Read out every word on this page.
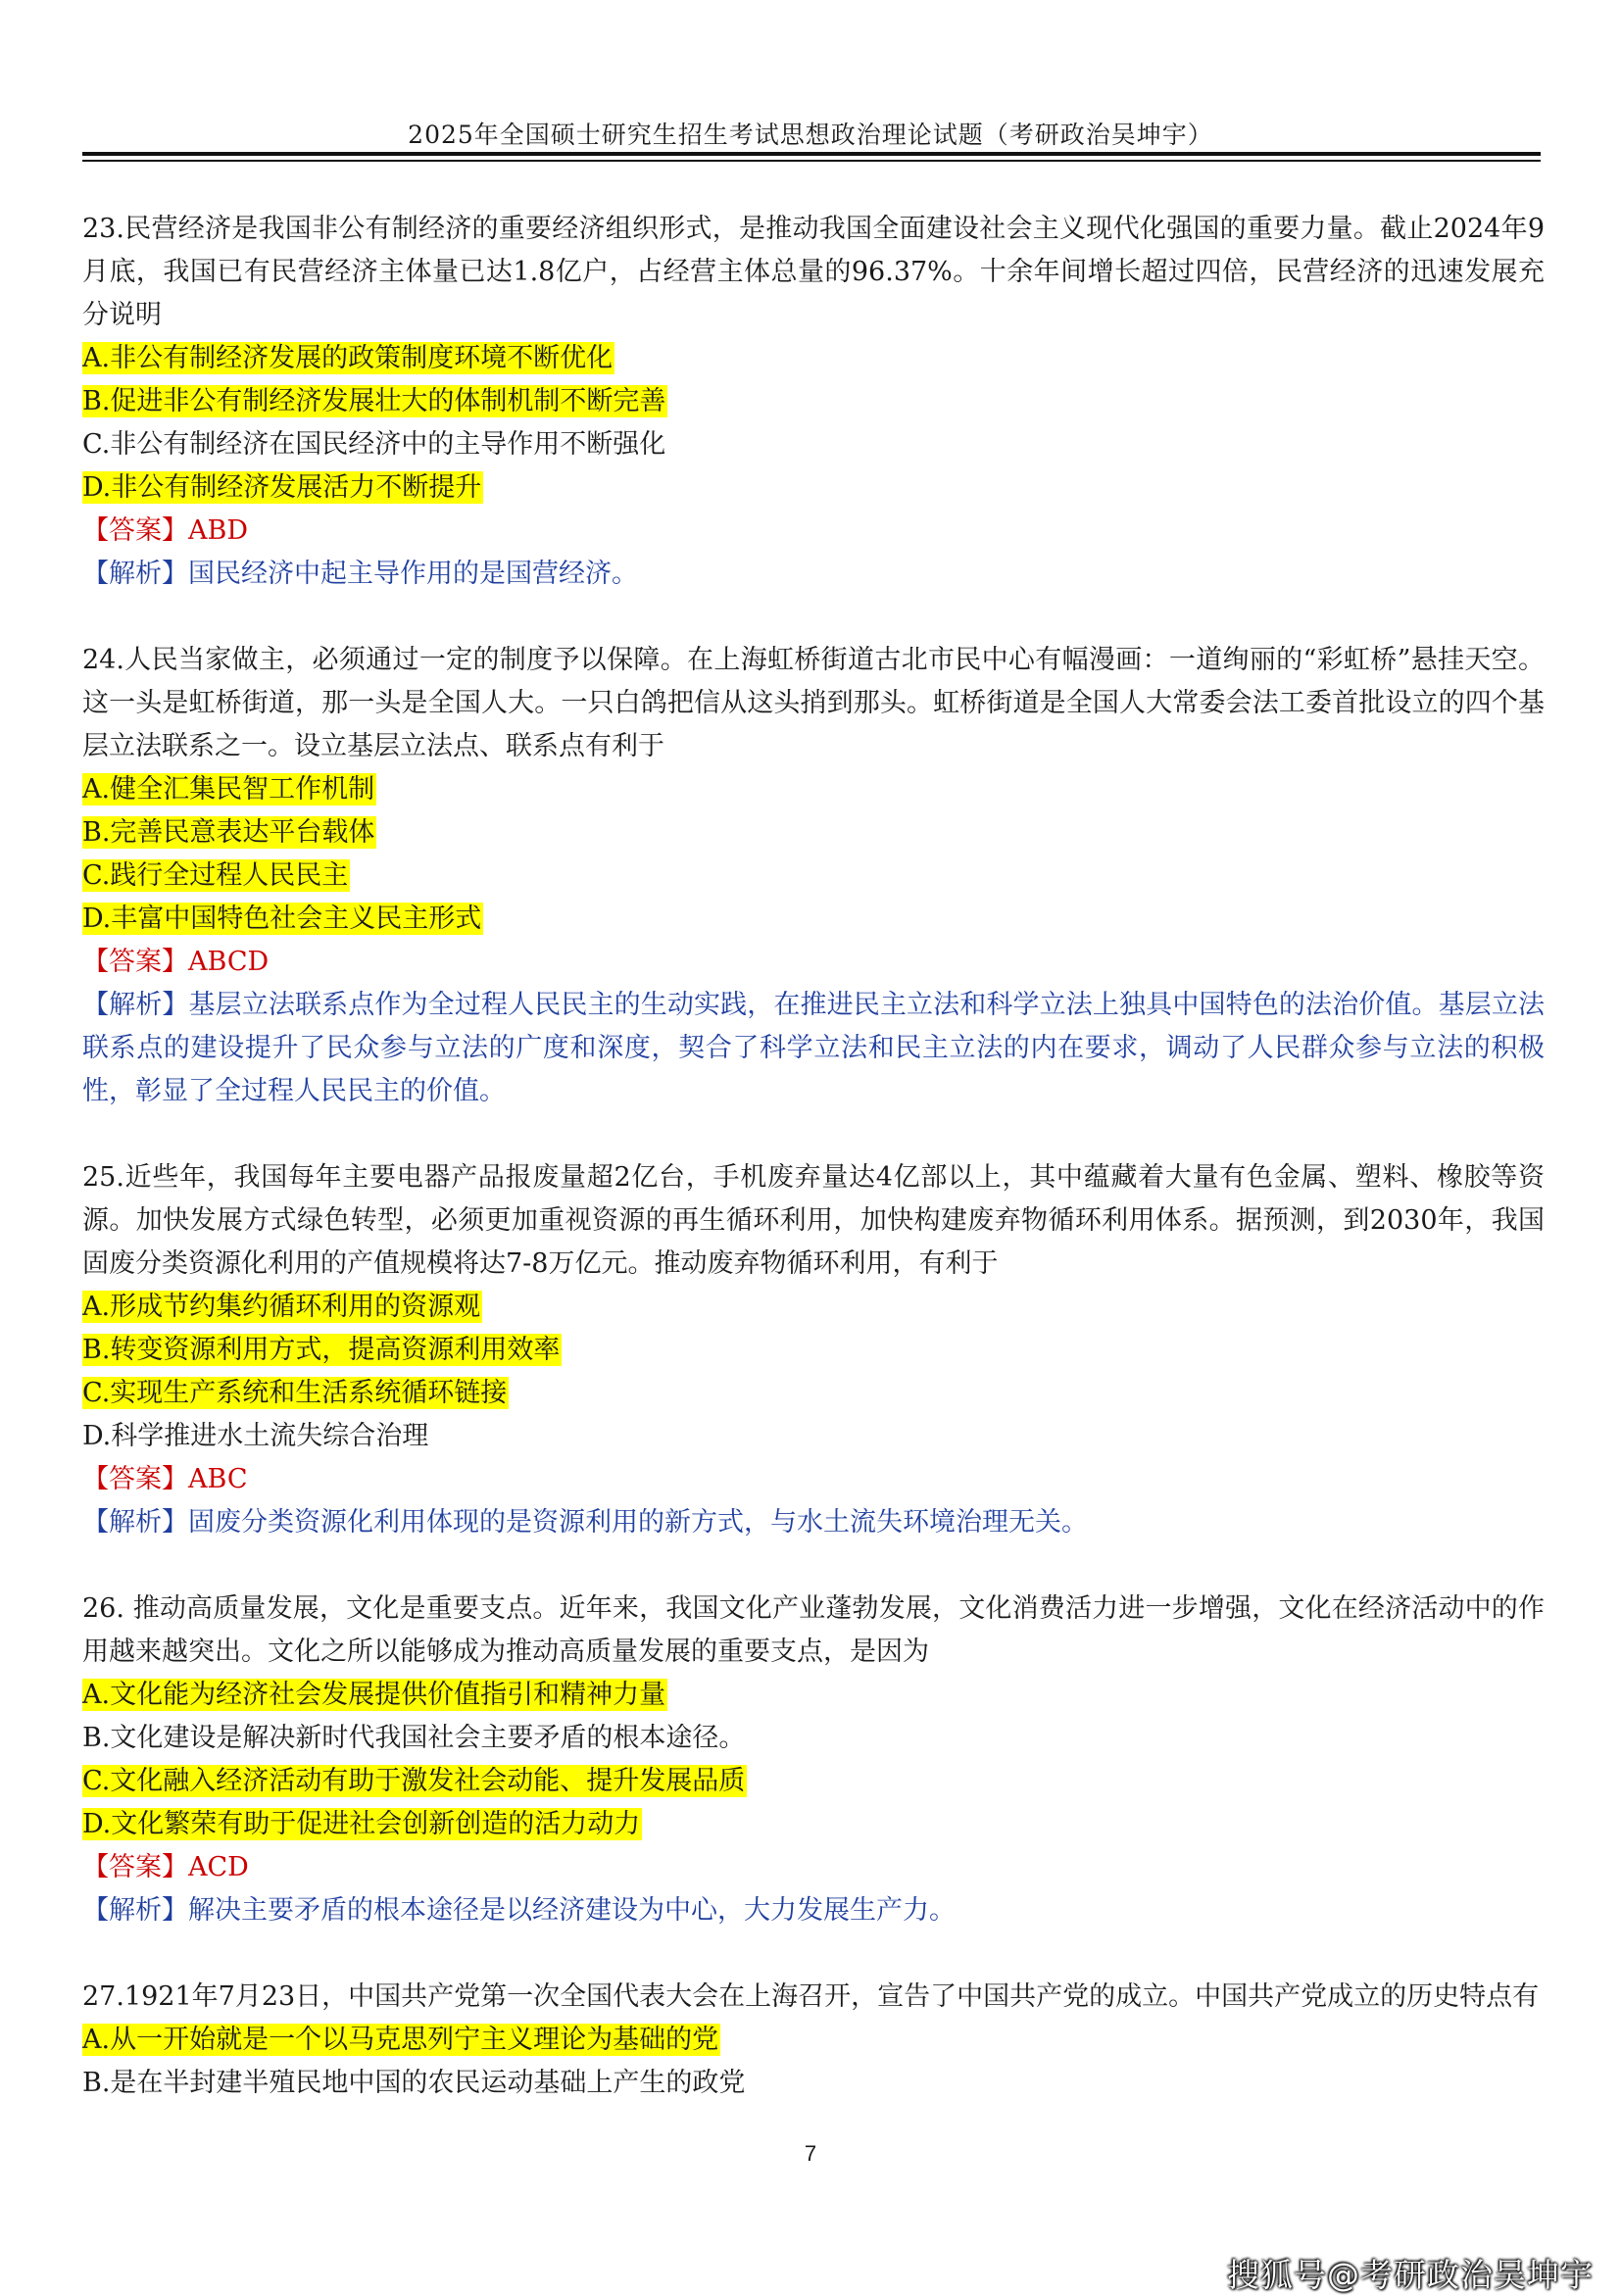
2025年全国硕士研究生招生考试思想政治理论试题（考研政治吴坤宇）
23.民营经济是我国非公有制经济的重要经济组织形式，是推动我国全面建设社会主义现代化强国的重要力量。截止2024年9月底，我国已有民营经济主体量已达1.8亿户，占经营主体总量的96.37%。十余年间增长超过四倍，民营经济的迅速发展充分说明
A.非公有制经济发展的政策制度环境不断优化
B.促进非公有制经济发展壮大的体制机制不断完善
C.非公有制经济在国民经济中的主导作用不断强化
D.非公有制经济发展活力不断提升
【答案】ABD
【解析】国民经济中起主导作用的是国营经济。
24.人民当家做主，必须通过一定的制度予以保障。在上海虹桥街道古北市民中心有幅漫画：一道绚丽的“彩虹桥”悬挂天空。这一头是虹桥街道，那一头是全国人大。一只白鸽把信从这头捎到那头。虹桥街道是全国人大常委会法工委首批设立的四个基层立法联系之一。设立基层立法点、联系点有利于
A.健全汇集民智工作机制
B.完善民意表达平台载体
C.践行全过程人民民主
D.丰富中国特色社会主义民主形式
【答案】ABCD
【解析】基层立法联系点作为全过程人民民主的生动实践，在推进民主立法和科学立法上独具中国特色的法治价值。基层立法联系点的建设提升了民众参与立法的广度和深度，契合了科学立法和民主立法的内在要求，调动了人民群众参与立法的积极性，彰显了全过程人民民主的价值。
25.近些年，我国每年主要电器产品报废量超2亿台，手机废弃量达4亿部以上，其中蕴藏着大量有色金属、塑料、橡胶等资源。加快发展方式绿色转型，必须更加重视资源的再生循环利用，加快构建废弃物循环利用体系。据预测，到2030年，我国固废分类资源化利用的产值规模将达7-8万亿元。推动废弃物循环利用，有利于
A.形成节约集约循环利用的资源观
B.转变资源利用方式，提高资源利用效率
C.实现生产系统和生活系统循环链接
D.科学推进水土流失综合治理
【答案】ABC
【解析】固废分类资源化利用体现的是资源利用的新方式，与水土流失环境治理无关。
26. 推动高质量发展，文化是重要支点。近年来，我国文化产业蓬勃发展，文化消费活力进一步增强，文化在经济活动中的作用越来越突出。文化之所以能够成为推动高质量发展的重要支点，是因为
A.文化能为经济社会发展提供价值指引和精神力量
B.文化建设是解决新时代我国社会主要矛盾的根本途径。
C.文化融入经济活动有助于激发社会动能、提升发展品质
D.文化繁荣有助于促进社会创新创造的活力动力
【答案】ACD
【解析】解决主要矛盾的根本途径是以经济建设为中心，大力发展生产力。
27.1921年7月23日，中国共产党第一次全国代表大会在上海召开，宣告了中国共产党的成立。中国共产党成立的历史特点有
A.从一开始就是一个以马克思列宁主义理论为基础的党
B.是在半封建半殖民地中国的农民运动基础上产生的政党
7
搜狐号@考研政治吴坤宇
